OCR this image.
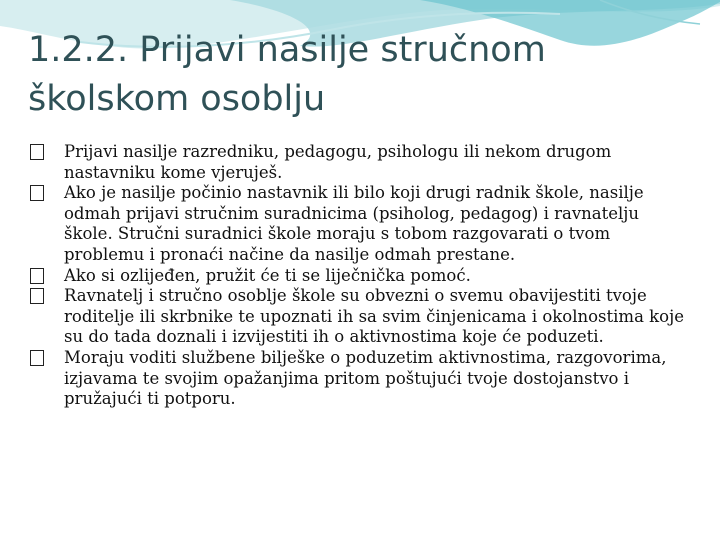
1.2.2. Prijavi nasilje stručnom
školskom osoblju
Prijavi nasilje razredniku, pedagogu, psihologu ili nekom drugom nastavniku kome vjeruješ.
Ako je nasilje počinio nastavnik ili bilo koji drugi radnik škole, nasilje odmah prijavi stručnim suradnicima (psiholog, pedagog) i ravnatelju škole. Stručni suradnici škole moraju s tobom razgovarati o tvom problemu i pronaći načine da nasilje odmah prestane.
Ako si ozlijeđen, pružit će ti se liječnička pomoć.
Ravnatelj i stručno osoblje škole su obvezni o svemu obavijestiti tvoje roditelje ili skrbnike te upoznati ih sa svim činjenicama i okolnostima koje su do tada doznali i izvijestiti ih o aktivnostima koje će poduzeti.
Moraju voditi službene bilješke o poduzetim aktivnostima, razgovorima, izjavama te svojim opažanjima pritom poštujući tvoje dostojanstvo i pružajući ti potporu.
